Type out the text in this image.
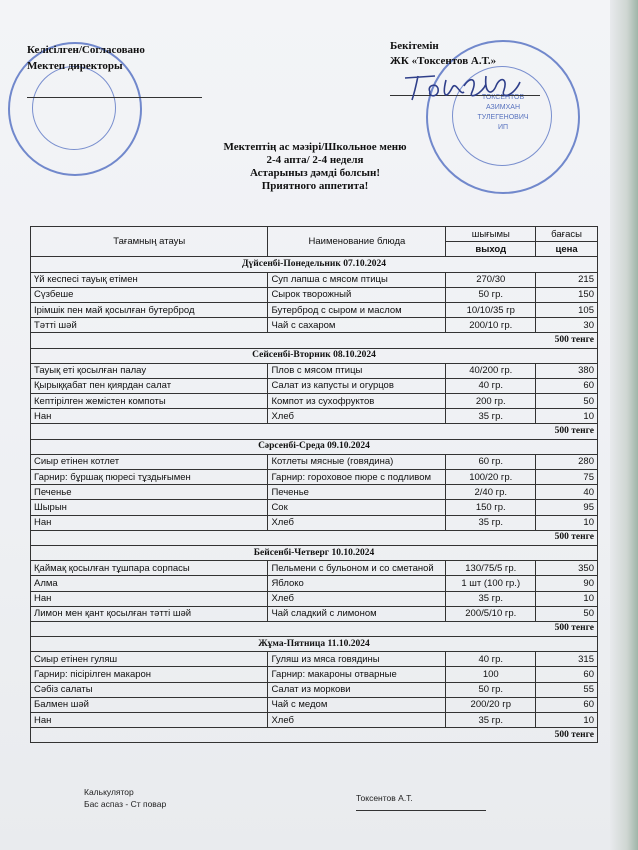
ТОКСЕНТОВ
АЗИМХАН
ТУЛЕГЕНОВИЧ
ИП
Келісілген/Согласовано
Мектеп директоры
Бекітемін
ЖК «Токсентов А.Т.»
Мектептің ас мәзірі/Школьное меню
2-4 апта/ 2-4 неделя
Астарыныз дәмді болсын!
Приятного аппетита!
Тағамның атауы	Наименование блюда	шығымы	бағасы
		выход	цена
Дүйсенбі-Понедельник 07.10.2024			
Үй кеспесі тауық етімен	Суп лапша с мясом птицы	270/30	215
Сүзбеше	Сырок творожный	50 гр.	150
Ірімшік пен май қосылған бутерброд	Бутерброд с сыром и маслом	10/10/35 гр	105
Тәтті шәй	Чай с сахаром	200/10 гр.	30
500 тенге			
Сейсенбі-Вторник 08.10.2024			
Тауық еті қосылған палау	Плов с мясом птицы	40/200 гр.	380
Қырыққабат пен қиярдан салат	Салат из капусты и огурцов	40 гр.	60
Кептірілген жемістен компоты	Компот из сухофруктов	200 гр.	50
Нан	Хлеб	35 гр.	10
500 тенге			
Сәрсенбі-Среда 09.10.2024			
Сиыр етінен котлет	Котлеты мясные (говядина)	60 гр.	280
Гарнир: бұршақ пюресі тұздығымен	Гарнир: гороховое пюре с подливом	100/20 гр.	75
Печенье	Печенье	2/40 гр.	40
Шырын	Сок	150 гр.	95
Нан	Хлеб	35 гр.	10
500 тенге			
Бейсенбі-Четверг 10.10.2024			
Қаймақ қосылған тұшпара сорпасы	Пельмени с бульоном и со сметаной	130/75/5 гр.	350
Алма	Яблоко	1 шт (100 гр.)	90
Нан	Хлеб	35 гр.	10
Лимон мен қант қосылған тәтті шәй	Чай сладкий с лимоном	200/5/10 гр.	50
500 тенге			
Жұма-Пятница 11.10.2024			
Сиыр етінен гуляш	Гуляш из мяса говядины	40 гр.	315
Гарнир: пісірілген макарон	Гарнир: макароны отварные	100	60
Сәбіз салаты	Салат из моркови	50 гр.	55
Балмен шәй	Чай с медом	200/20 гр	60
Нан	Хлеб	35 гр.	10
500 тенге			
Калькулятор
Бас аспаз - Ст повар
Токсентов А.Т.
